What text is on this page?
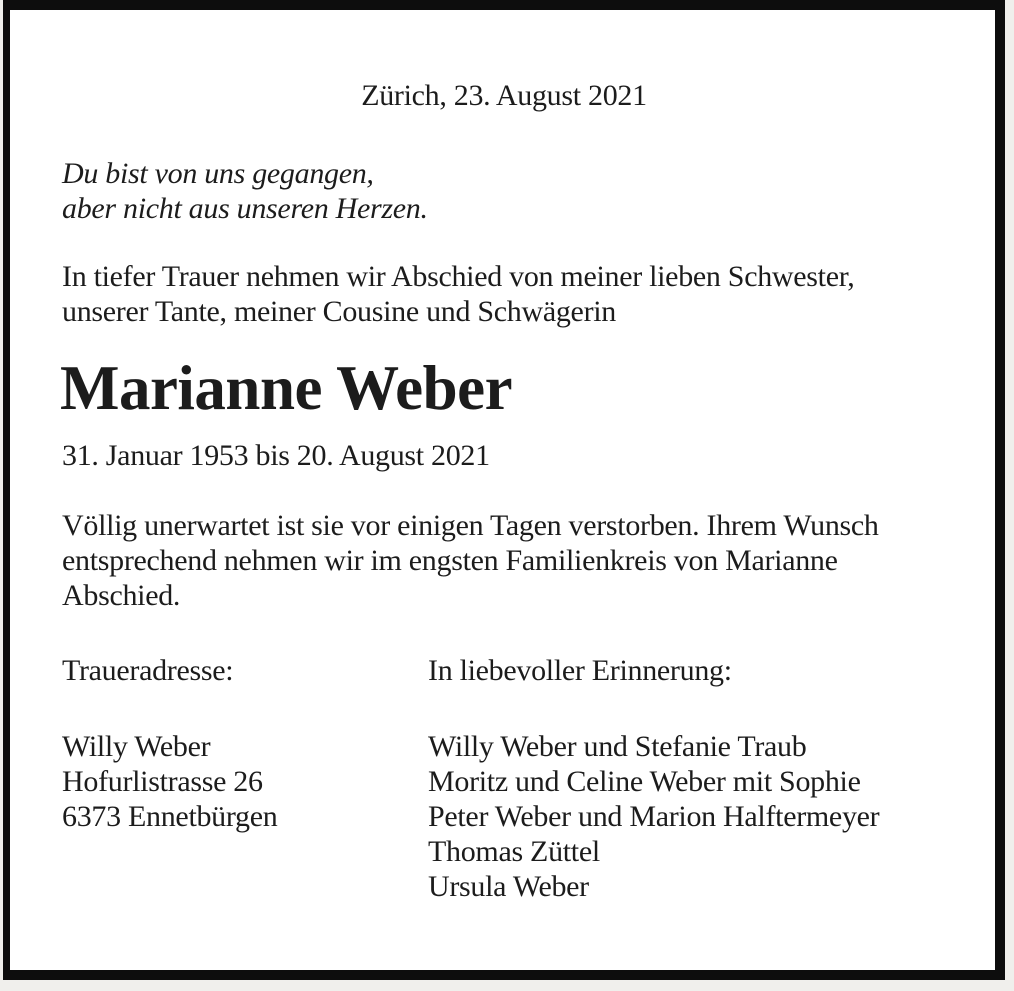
Zürich, 23. August 2021
Du bist von uns gegangen,
aber nicht aus unseren Herzen.
In tiefer Trauer nehmen wir Abschied von meiner lieben Schwester,
unserer Tante, meiner Cousine und Schwägerin
Marianne Weber
31. Januar 1953 bis 20. August 2021
Völlig unerwartet ist sie vor einigen Tagen verstorben. Ihrem Wunsch
entsprechend nehmen wir im engsten Familienkreis von Marianne
Abschied.
Traueradresse:	In liebevoller Erinnerung:
Willy Weber
Hofurlistrasse 26
6373 Ennetbürgen
Willy Weber und Stefanie Traub
Moritz und Celine Weber mit Sophie
Peter Weber und Marion Halftermeyer
Thomas Züttel
Ursula Weber
